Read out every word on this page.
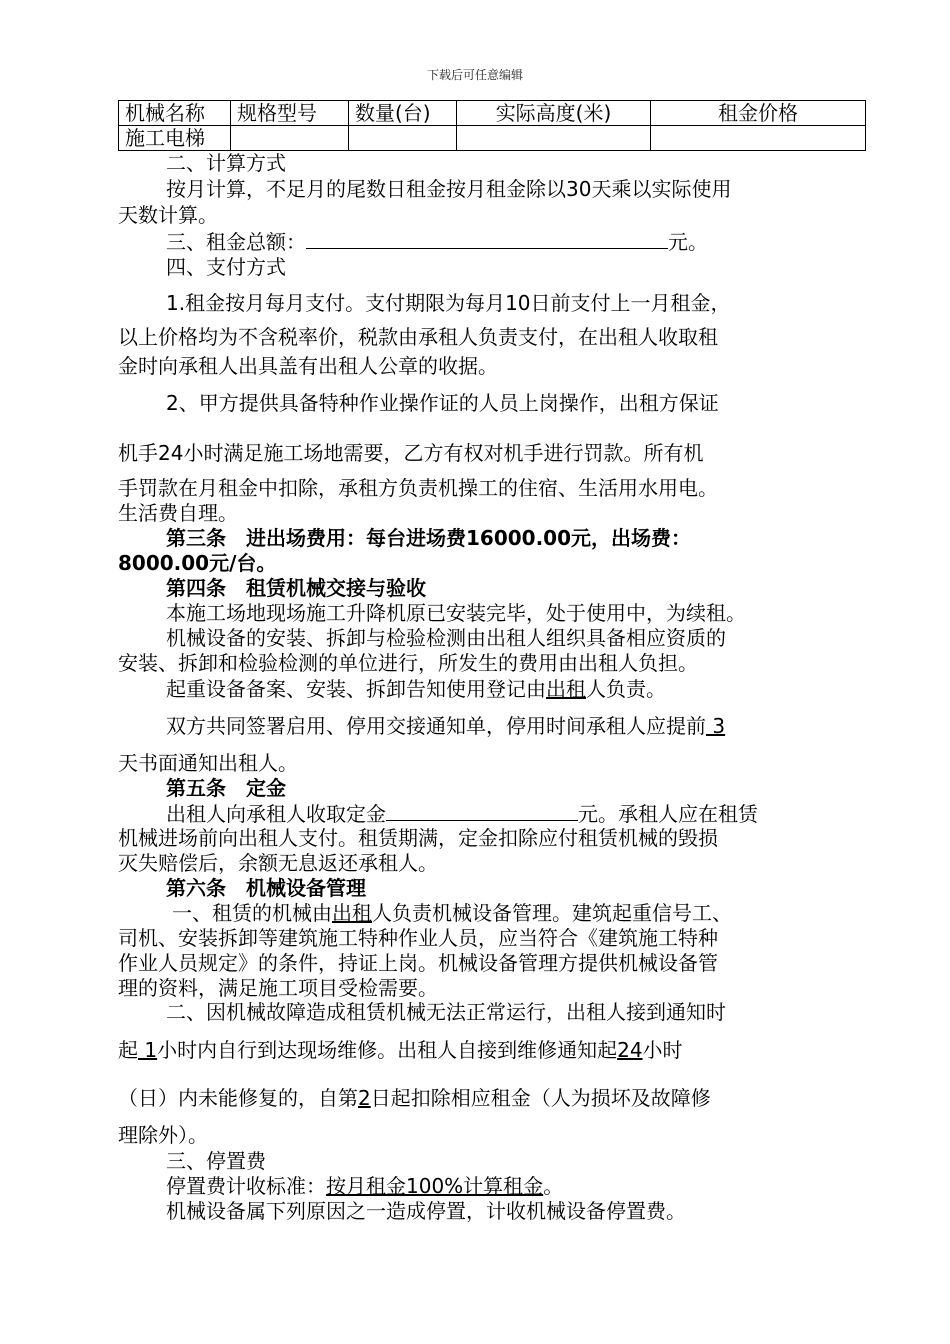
下载后可任意编辑
机械名称	规格型号	数量(台)	实际高度(米)	租金价格
施工电梯				
二、计算方式
按月计算，不足月的尾数日租金按月租金除以30天乘以实际使用
天数计算。
三、租金总额：	元。
四、支付方式
1.租金按月每月支付。支付期限为每月10日前支付上一月租金，
以上价格均为不含税率价，税款由承租人负责支付，在出租人收取租
金时向承租人出具盖有出租人公章的收据。
2、甲方提供具备特种作业操作证的人员上岗操作，出租方保证
机手24小时满足施工场地需要，乙方有权对机手进行罚款。所有机
手罚款在月租金中扣除，承租方负责机操工的住宿、生活用水用电。
生活费自理。
第三条　进出场费用：每台进场费16000.00元，出场费：
8000.00元/台。
第四条　租赁机械交接与验收
本施工场地现场施工升降机原已安装完毕，处于使用中，为续租。
机械设备的安装、拆卸与检验检测由出租人组织具备相应资质的
安装、拆卸和检验检测的单位进行，所发生的费用由出租人负担。
起重设备备案、安装、拆卸告知使用登记由出租人负责。
双方共同签署启用、停用交接通知单，停用时间承租人应提前 3
天书面通知出租人。
第五条　定金
出租人向承租人收取定金	元。承租人应在租赁
机械进场前向出租人支付。租赁期满，定金扣除应付租赁机械的毁损
灭失赔偿后，余额无息返还承租人。
第六条　机械设备管理
一、租赁的机械由出租人负责机械设备管理。建筑起重信号工、
司机、安装拆卸等建筑施工特种作业人员，应当符合《建筑施工特种
作业人员规定》的条件，持证上岗。机械设备管理方提供机械设备管
理的资料，满足施工项目受检需要。
二、因机械故障造成租赁机械无法正常运行，出租人接到通知时
起 1小时内自行到达现场维修。出租人自接到维修通知起24小时
（日）内未能修复的，自第2日起扣除相应租金（人为损坏及故障修
理除外）。
三、停置费
停置费计收标准：按月租金100%计算租金。
机械设备属下列原因之一造成停置，计收机械设备停置费。
